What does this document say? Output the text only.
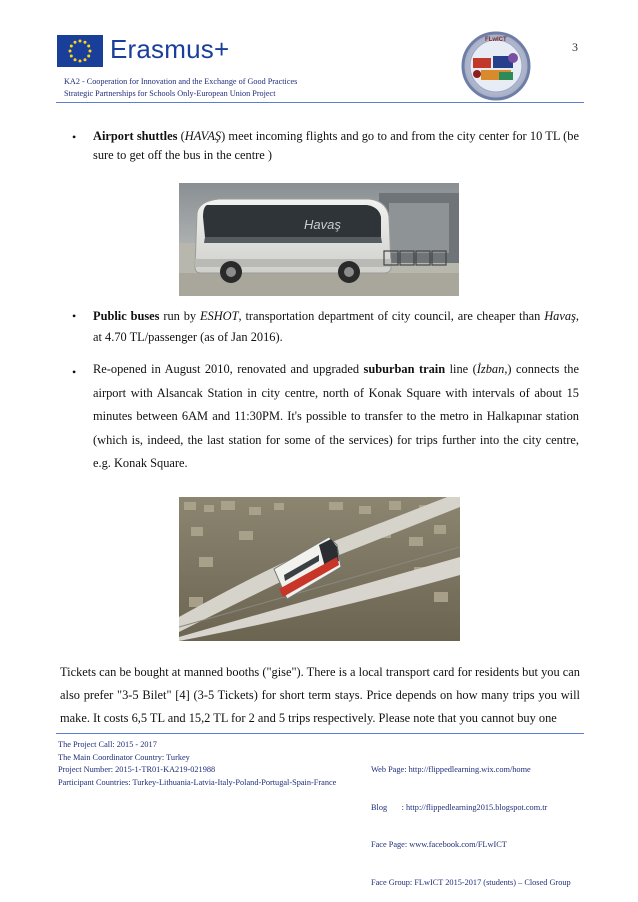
Erasmus+
KA2 - Cooperation for Innovation and the Exchange of Good Practices
Strategic Partnerships for Schools Only-European Union Project
FLwICT	3
• Airport shuttles (HAVAŞ) meet incoming flights and go to and from the city center for 10 TL (be sure to get off the bus in the centre )
Havaş
• Public buses run by ESHOT, transportation department of city council, are cheaper than Havaş, at 4.70 TL/passenger (as of Jan 2016).
• Re-opened in August 2010, renovated and upgraded suburban train line (İzban,) connects the airport with Alsancak Station in city centre, north of Konak Square with intervals of about 15 minutes between 6AM and 11:30PM. It's possible to transfer to the metro in Halkapınar station (which is, indeed, the last station for some of the services) for trips further into the city centre, e.g. Konak Square.
Tickets can be bought at manned booths ("gise"). There is a local transport card for residents but you can also prefer "3-5 Bilet" [4] (3-5 Tickets) for short term stays. Price depends on how many trips you will make. It costs 6,5 TL and 15,2 TL for 2 and 5 trips respectively. Please note that you cannot buy one
The Project Call: 2015 - 2017
The Main Coordinator Country: Turkey
Project Number: 2015-1-TR01-KA219-021988
Participant Countries: Turkey-Lithuania-Latvia-Italy-Poland-Portugal-Spain-France

Web Page: http://flippedlearning.wix.com/home

Blog       : http://flippedlearning2015.blogspot.com.tr

Face Page: www.facebook.com/FLwICT

Face Group: FLwICT 2015-2017 (students) – Closed Group
